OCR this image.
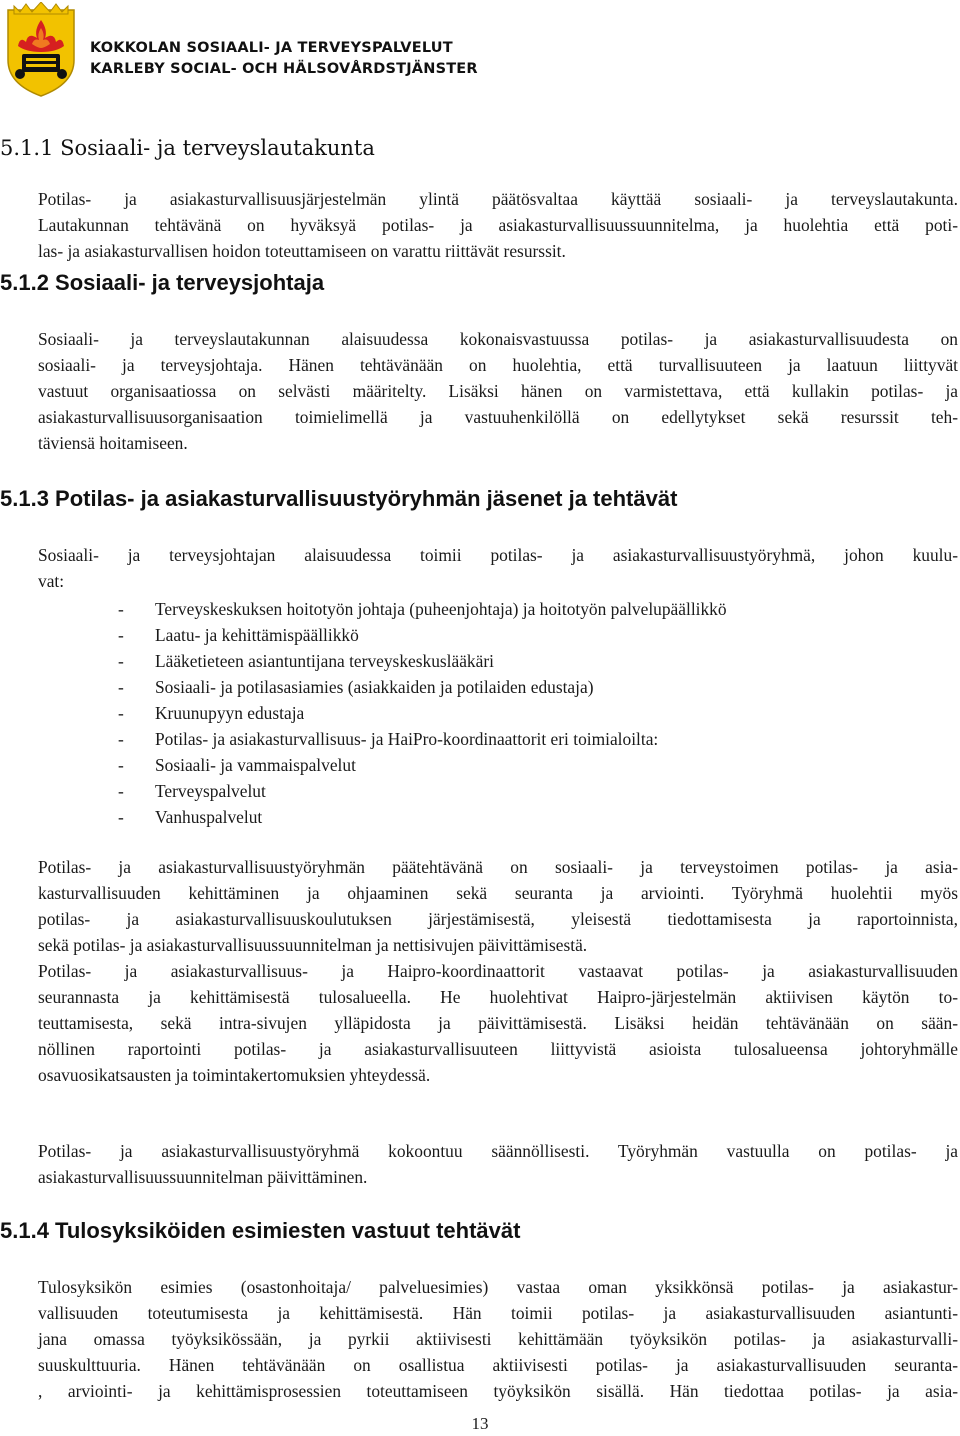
KOKKOLAN SOSIAALI- JA TERVEYSPALVELUT
KARLEBY SOCIAL- OCH HÄLSOVÅRDSTJÄNSTER
5.1.1 Sosiaali- ja terveyslautakunta
Potilas- ja asiakasturvallisuusjärjestelmän ylintä päätösvaltaa käyttää sosiaali- ja terveyslautakunta.
Lautakunnan tehtävänä on hyväksyä potilas- ja asiakasturvallisuussuunnitelma, ja huolehtia että poti-
las- ja asiakasturvallisen hoidon toteuttamiseen on varattu riittävät resurssit.
5.1.2 Sosiaali- ja terveysjohtaja
Sosiaali- ja terveyslautakunnan alaisuudessa kokonaisvastuussa potilas- ja asiakasturvallisuudesta on
sosiaali- ja terveysjohtaja. Hänen tehtävänään on huolehtia, että turvallisuuteen ja laatuun liittyvät
vastuut organisaatiossa on selvästi määritelty. Lisäksi hänen on varmistettava, että kullakin potilas- ja
asiakasturvallisuusorganisaation toimielimellä ja vastuuhenkilöllä on edellytykset sekä resurssit teh-
täviensä hoitamiseen.
5.1.3 Potilas- ja asiakasturvallisuustyöryhmän jäsenet ja tehtävät
Sosiaali- ja terveysjohtajan alaisuudessa toimii potilas- ja asiakasturvallisuustyöryhmä, johon kuulu-
vat:
- Terveyskeskuksen hoitotyön johtaja (puheenjohtaja) ja hoitotyön palvelupäällikkö
- Laatu- ja kehittämispäällikkö
- Lääketieteen asiantuntijana terveyskeskuslääkäri
- Sosiaali- ja potilasasiamies (asiakkaiden ja potilaiden edustaja)
- Kruunupyyn edustaja
- Potilas- ja asiakasturvallisuus- ja HaiPro-koordinaattorit eri toimialoilta:
- Sosiaali- ja vammaispalvelut
- Terveyspalvelut
- Vanhuspalvelut
Potilas- ja asiakasturvallisuustyöryhmän päätehtävänä on sosiaali- ja terveystoimen potilas- ja asia-
kasturvallisuuden kehittäminen ja ohjaaminen sekä seuranta ja arviointi. Työryhmä huolehtii myös
potilas- ja asiakasturvallisuuskoulutuksen järjestämisestä, yleisestä tiedottamisesta ja raportoinnista,
sekä potilas- ja asiakasturvallisuussuunnitelman ja nettisivujen päivittämisestä.
Potilas- ja asiakasturvallisuus- ja Haipro-koordinaattorit vastaavat potilas- ja asiakasturvallisuuden
seurannasta ja kehittämisestä tulosalueella. He huolehtivat Haipro-järjestelmän aktiivisen käytön to-
teuttamisesta, sekä intra-sivujen ylläpidosta ja päivittämisestä. Lisäksi heidän tehtävänään on sään-
nöllinen raportointi potilas- ja asiakasturvallisuuteen liittyvistä asioista tulosalueensa johtoryhmälle
osavuosikatsausten ja toimintakertomuksien yhteydessä.
Potilas- ja asiakasturvallisuustyöryhmä kokoontuu säännöllisesti. Työryhmän vastuulla on potilas- ja
asiakasturvallisuussuunnitelman päivittäminen.
5.1.4 Tulosyksiköiden esimiesten vastuut tehtävät
Tulosyksikön esimies (osastonhoitaja/ palveluesimies) vastaa oman yksikkönsä potilas- ja asiakastur-
vallisuuden toteutumisesta ja kehittämisestä. Hän toimii potilas- ja asiakasturvallisuuden asiantunti-
jana omassa työyksikössään, ja pyrkii aktiivisesti kehittämään työyksikön potilas- ja asiakasturvalli-
suuskulttuuria. Hänen tehtävänään on osallistua aktiivisesti potilas- ja asiakasturvallisuuden seuranta-
, arviointi- ja kehittämisprosessien toteuttamiseen työyksikön sisällä. Hän tiedottaa potilas- ja asia-
13
